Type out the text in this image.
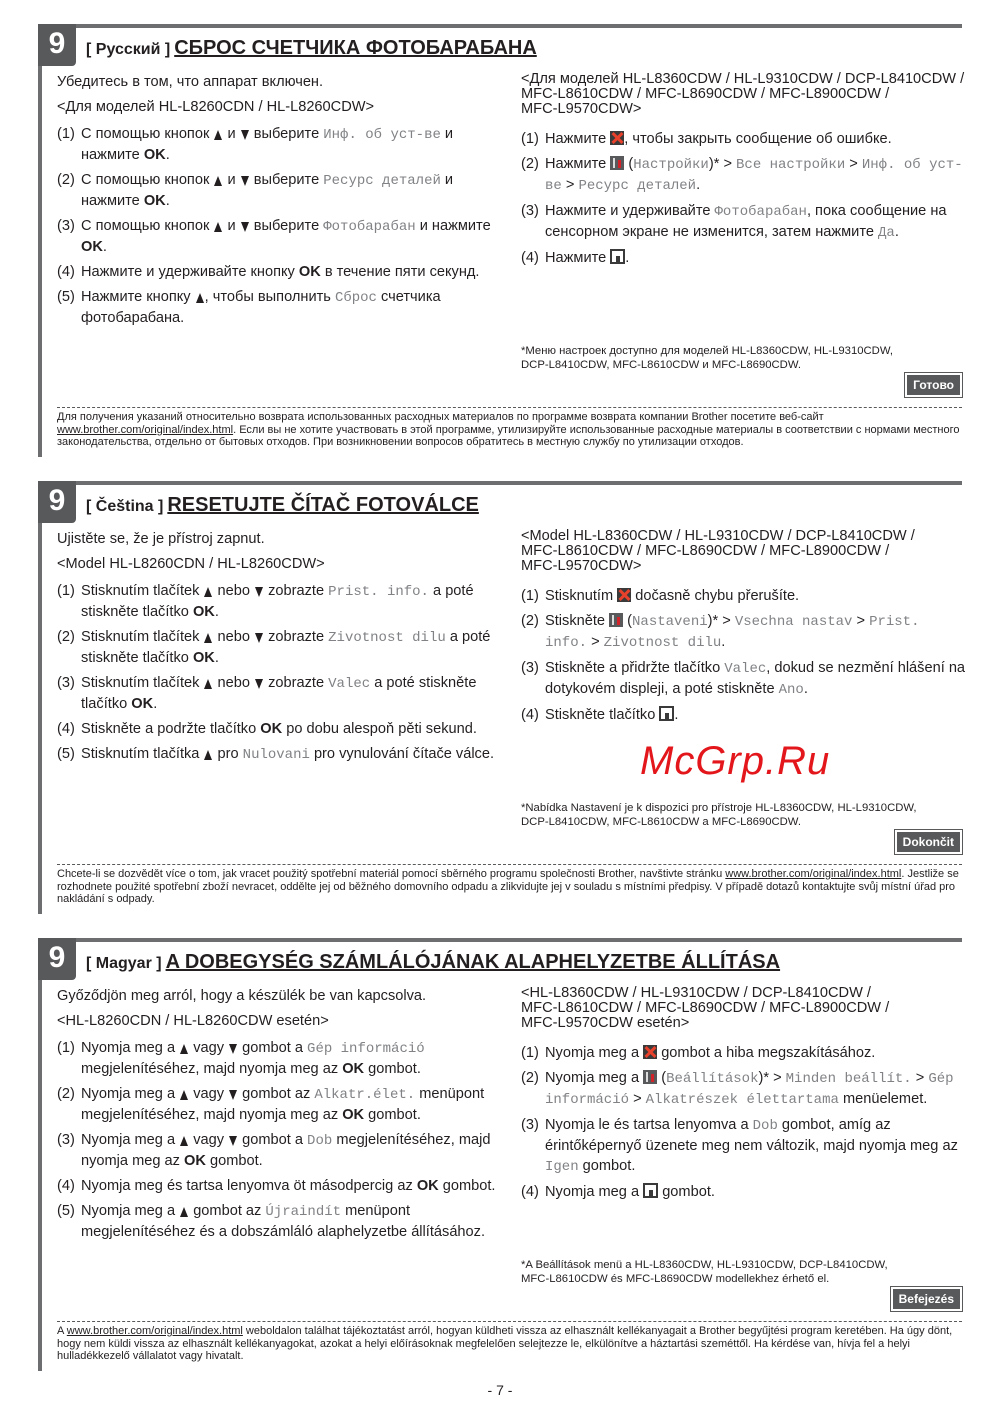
9	[ Русский ] СБРОС СЧЕТЧИКА ФОТОБАРАБАНА
Убедитесь в том, что аппарат включен.
<Для моделей HL-L8260CDN / HL-L8260CDW>
(1) С помощью кнопок  и  выберите Инф. об уст-ве и нажмите OK.
(2) С помощью кнопок  и  выберите Ресурс деталей и нажмите OK.
(3) С помощью кнопок  и  выберите Фотобарабан и нажмите OK.
(4) Нажмите и удерживайте кнопку OK в течение пяти секунд.
(5) Нажмите кнопку , чтобы выполнить Сброс счетчика фотобарабана.
<Для моделей HL-L8360CDW / HL-L9310CDW / DCP-L8410CDW /
MFC-L8610CDW / MFC-L8690CDW / MFC-L8900CDW /
MFC-L9570CDW>
(1) Нажмите , чтобы закрыть сообщение об ошибке.
(2) Нажмите  (Настройки)* > Все настройки > Инф. об уст-ве > Ресурс деталей.
(3) Нажмите и удерживайте Фотобарабан, пока сообщение на сенсорном экране не изменится, затем нажмите Да.
(4) Нажмите .
*Меню настроек доступно для моделей HL-L8360CDW, HL-L9310CDW,
DCP-L8410CDW, MFC-L8610CDW и MFC-L8690CDW.
Готово
Для получения указаний относительно возврата использованных расходных материалов по программе возврата компании Brother посетите веб-сайт www.brother.com/original/index.html. Если вы не хотите участвовать в этой программе, утилизируйте использованные расходные материалы в соответствии с нормами местного законодательства, отдельно от бытовых отходов. При возникновении вопросов обратитесь в местную службу по утилизации отходов.
9	[ Čeština ] RESETUJTE ČÍTAČ FOTOVÁLCE
Ujistěte se, že je přístroj zapnut.
<Model HL-L8260CDN / HL-L8260CDW>
(1) Stisknutím tlačítek  nebo  zobrazte Prist. info. a poté stiskněte tlačítko OK.
(2) Stisknutím tlačítek  nebo  zobrazte Zivotnost dilu a poté stiskněte tlačítko OK.
(3) Stisknutím tlačítek  nebo  zobrazte Valec a poté stiskněte tlačítko OK.
(4) Stiskněte a podržte tlačítko OK po dobu alespoň pěti sekund.
(5) Stisknutím tlačítka  pro Nulovani pro vynulování čítače válce.
<Model HL-L8360CDW / HL-L9310CDW / DCP-L8410CDW /
MFC-L8610CDW / MFC-L8690CDW / MFC-L8900CDW /
MFC-L9570CDW>
(1) Stisknutím  dočasně chybu přerušíte.
(2) Stiskněte  (Nastaveni)* > Vsechna nastav > Prist. info. > Zivotnost dilu.
(3) Stiskněte a přidržte tlačítko Valec, dokud se nezmění hlášení na dotykovém displeji, a poté stiskněte Ano.
(4) Stiskněte tlačítko .
*Nabídka Nastavení je k dispozici pro přístroje HL-L8360CDW, HL-L9310CDW,
DCP-L8410CDW, MFC-L8610CDW a MFC-L8690CDW.
Dokončit
Chcete-li se dozvědět více o tom, jak vracet použitý spotřební materiál pomocí sběrného programu společnosti Brother, navštivte stránku www.brother.com/original/index.html. Jestliže se rozhodnete použité spotřební zboží nevracet, oddělte jej od běžného domovního odpadu a zlikvidujte jej v souladu s místními předpisy. V případě dotazů kontaktujte svůj místní úřad pro nakládání s odpady.
9	[ Magyar ] A DOBEGYSÉG SZÁMLÁLÓJÁNAK ALAPHELYZETBE ÁLLÍTÁSA
Győződjön meg arról, hogy a készülék be van kapcsolva.
<HL-L8260CDN / HL-L8260CDW esetén>
(1) Nyomja meg a  vagy  gombot a Gép információ megjelenítéséhez, majd nyomja meg az OK gombot.
(2) Nyomja meg a  vagy  gombot az Alkatr.élet. menüpont megjelenítéséhez, majd nyomja meg az OK gombot.
(3) Nyomja meg a  vagy  gombot a Dob megjelenítéséhez, majd nyomja meg az OK gombot.
(4) Nyomja meg és tartsa lenyomva öt másodpercig az OK gombot.
(5) Nyomja meg a  gombot az Újraindít menüpont megjelenítéséhez és a dobszámláló alaphelyzetbe állításához.
<HL-L8360CDW / HL-L9310CDW / DCP-L8410CDW /
MFC-L8610CDW / MFC-L8690CDW / MFC-L8900CDW /
MFC-L9570CDW esetén>
(1) Nyomja meg a  gombot a hiba megszakításához.
(2) Nyomja meg a  (Beállítások)* > Minden beállít. > Gép információ > Alkatrészek élettartama menüelemet.
(3) Nyomja le és tartsa lenyomva a Dob gombot, amíg az érintőképernyő üzenete meg nem változik, majd nyomja meg az Igen gombot.
(4) Nyomja meg a  gombot.
*A Beállítások menü a HL-L8360CDW, HL-L9310CDW, DCP-L8410CDW,
MFC-L8610CDW és MFC-L8690CDW modellekhez érhető el.
Befejezés
A www.brother.com/original/index.html weboldalon találhat tájékoztatást arról, hogyan küldheti vissza az elhasznált kellékanyagait a Brother begyűjtési program keretében. Ha úgy dönt, hogy nem küldi vissza az elhasznált kellékanyagokat, azokat a helyi előírásoknak megfelelően selejtezze le, elkülönítve a háztartási szeméttől. Ha kérdése van, hívja fel a helyi hulladékkezelő vállalatot vagy hivatalt.
McGrp.Ru
- 7 -
